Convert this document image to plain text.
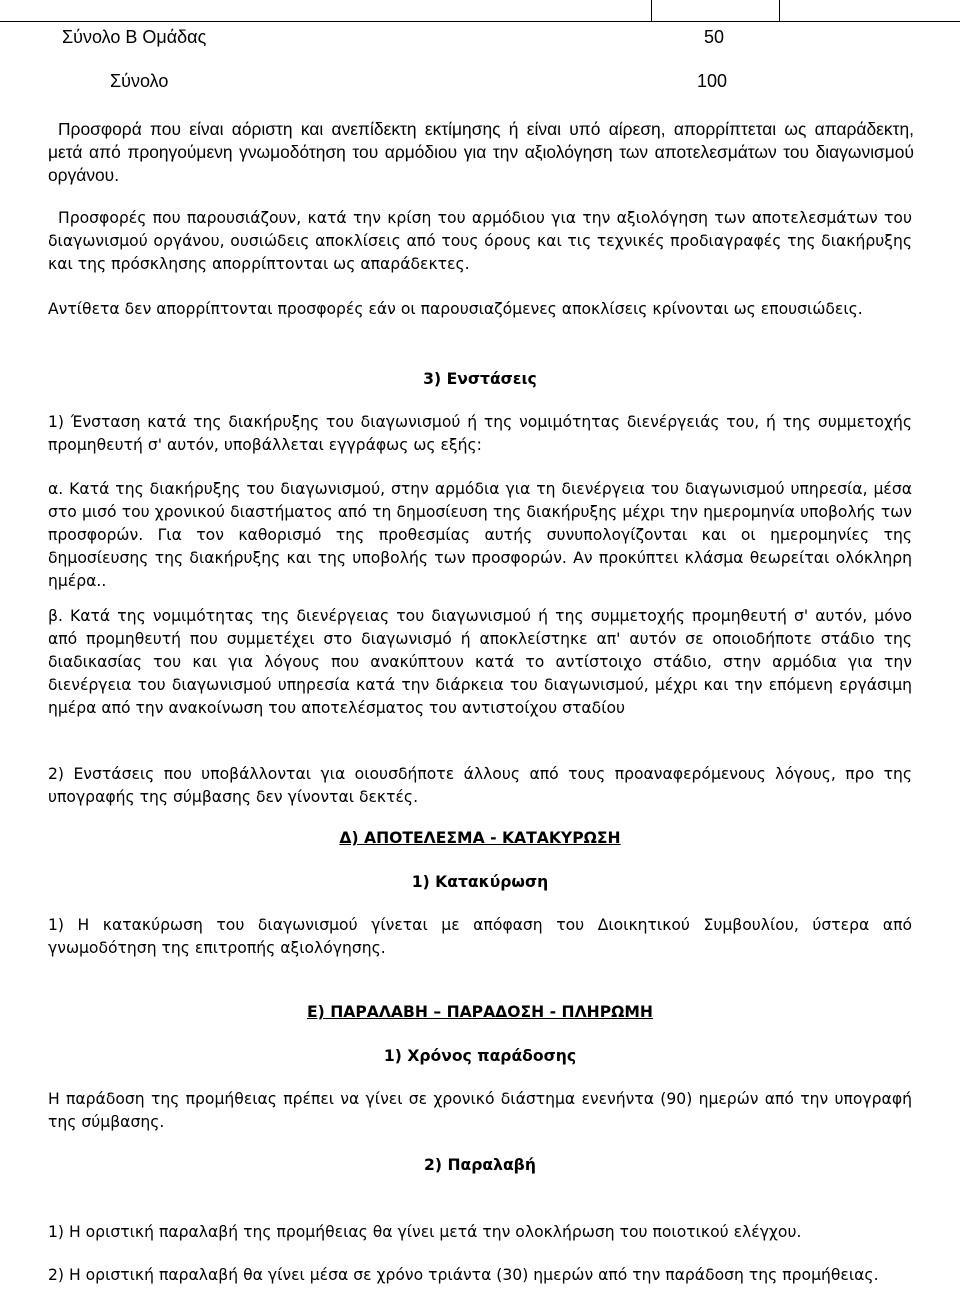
Σύνολο Β Ομάδας	50
Σύνολο	100

Προσφορά που είναι αόριστη και ανεπίδεκτη εκτίμησης ή είναι υπό αίρεση, απορρίπτεται ως απαράδεκτη, μετά από προηγούμενη γνωμοδότηση του αρμόδιου για την αξιολόγηση των αποτελεσμάτων του διαγωνισμού οργάνου.

Προσφορές που παρουσιάζουν, κατά την κρίση του αρμόδιου για την αξιολόγηση των αποτελεσμάτων του διαγωνισμού οργάνου, ουσιώδεις αποκλίσεις από τους όρους και τις τεχνικές προδιαγραφές της διακήρυξης και της πρόσκλησης απορρίπτονται ως απαράδεκτες.

Αντίθετα δεν απορρίπτονται προσφορές εάν οι παρουσιαζόμενες αποκλίσεις κρίνονται ως επουσιώδεις.

3) Ενστάσεις

1) Ένσταση κατά της διακήρυξης του διαγωνισμού ή της νομιμότητας διενέργειάς του, ή της συμμετοχής προμηθευτή σ' αυτόν, υποβάλλεται εγγράφως ως εξής:

α. Κατά της διακήρυξης του διαγωνισμού, στην αρμόδια για τη διενέργεια του διαγωνισμού υπηρεσία, μέσα στο μισό του χρονικού διαστήματος από τη δημοσίευση της διακήρυξης μέχρι την ημερομηνία υποβολής των προσφορών. Για τον καθορισμό της προθεσμίας αυτής συνυπολογίζονται και οι ημερομηνίες της δημοσίευσης της διακήρυξης και της υποβολής των προσφορών. Αν προκύπτει κλάσμα θεωρείται ολόκληρη ημέρα..

β. Κατά της νομιμότητας της διενέργειας του διαγωνισμού ή της συμμετοχής προμηθευτή σ' αυτόν, μόνο από προμηθευτή που συμμετέχει στο διαγωνισμό ή αποκλείστηκε απ' αυτόν σε οποιοδήποτε στάδιο της διαδικασίας του και για λόγους που ανακύπτουν κατά το αντίστοιχο στάδιο, στην αρμόδια για την διενέργεια του διαγωνισμού υπηρεσία κατά την διάρκεια του διαγωνισμού, μέχρι και την επόμενη εργάσιμη ημέρα από την ανακοίνωση του αποτελέσματος του αντιστοίχου σταδίου

2) Ενστάσεις που υποβάλλονται για οιουσδήποτε άλλους από τους προαναφερόμενους λόγους, προ της υπογραφής της σύμβασης δεν γίνονται δεκτές.

Δ) ΑΠΟΤΕΛΕΣΜΑ - ΚΑΤΑΚΥΡΩΣΗ

1) Κατακύρωση

1) Η κατακύρωση του διαγωνισμού γίνεται με απόφαση του Διοικητικού Συμβουλίου, ύστερα από γνωμοδότηση της επιτροπής αξιολόγησης.

Ε) ΠΑΡΑΛΑΒΗ – ΠΑΡΑΔΟΣΗ - ΠΛΗΡΩΜΗ

1) Χρόνος παράδοσης

Η παράδοση της προμήθειας πρέπει να γίνει σε χρονικό διάστημα ενενήντα (90) ημερών από την υπογραφή της σύμβασης.

2) Παραλαβή

1) Η οριστική παραλαβή της προμήθειας θα γίνει μετά την ολοκλήρωση του ποιοτικού ελέγχου.

2) Η οριστική παραλαβή θα γίνει μέσα σε χρόνο τριάντα (30) ημερών από την παράδοση της προμήθειας.
